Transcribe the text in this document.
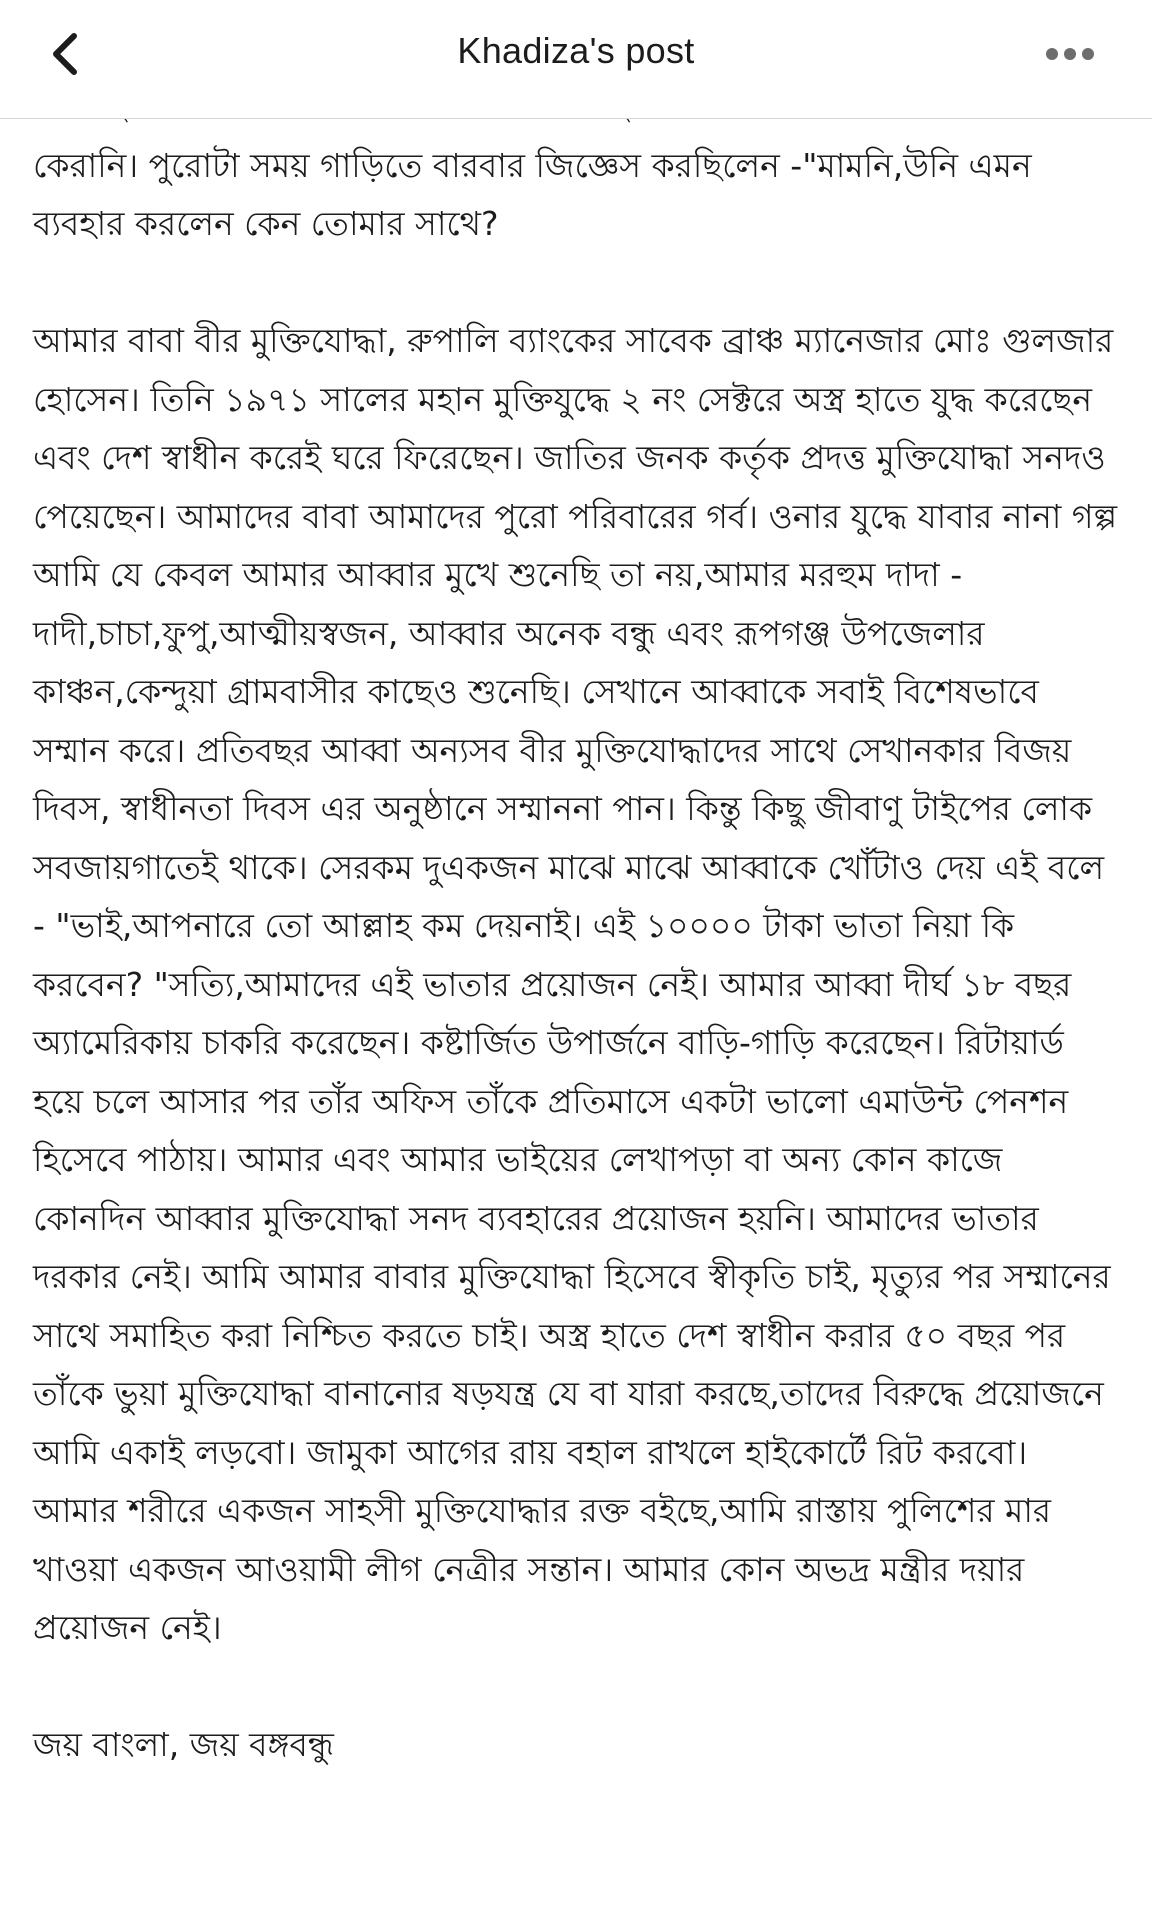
Khadiza's post

কেরানি। পুরোটা সময় গাড়িতে বারবার জিজ্ঞেস করছিলেন -"মামনি,উনি এমন ব্যবহার করলেন কেন তোমার সাথে?

আমার বাবা বীর মুক্তিযোদ্ধা, রুপালি ব্যাংকের সাবেক ব্রাঞ্চ ম্যানেজার মোঃ গুলজার হোসেন। তিনি ১৯৭১ সালের মহান মুক্তিযুদ্ধে ২ নং সেক্টরে অস্ত্র হাতে যুদ্ধ করেছেন এবং দেশ স্বাধীন করেই ঘরে ফিরেছেন। জাতির জনক কর্তৃক প্রদত্ত মুক্তিযোদ্ধা সনদও পেয়েছেন। আমাদের বাবা আমাদের পুরো পরিবারের গর্ব। ওনার যুদ্ধে যাবার নানা গল্প আমি যে কেবল আমার আব্বার মুখে শুনেছি তা নয়,আমার মরহুম দাদা - দাদী,চাচা,ফুপু,আত্মীয়স্বজন, আব্বার অনেক বন্ধু এবং রূপগঞ্জ উপজেলার কাঞ্চন,কেন্দুয়া গ্রামবাসীর কাছেও শুনেছি। সেখানে আব্বাকে সবাই বিশেষভাবে সম্মান করে। প্রতিবছর আব্বা অন্যসব বীর মুক্তিযোদ্ধাদের সাথে সেখানকার বিজয় দিবস, স্বাধীনতা দিবস এর অনুষ্ঠানে সম্মাননা পান। কিন্তু কিছু জীবাণু টাইপের লোক সবজায়গাতেই থাকে। সেরকম দুএকজন মাঝে মাঝে আব্বাকে খোঁটাও দেয় এই বলে - "ভাই,আপনারে তো আল্লাহ কম দেয়নাই। এই ১০০০০ টাকা ভাতা নিয়া কি করবেন? "সত্যি,আমাদের এই ভাতার প্রয়োজন নেই। আমার আব্বা দীর্ঘ ১৮ বছর অ্যামেরিকায় চাকরি করেছেন। কষ্টার্জিত উপার্জনে বাড়ি-গাড়ি করেছেন। রিটায়ার্ড হয়ে চলে আসার পর তাঁর অফিস তাঁকে প্রতিমাসে একটা ভালো এমাউন্ট পেনশন হিসেবে পাঠায়। আমার এবং আমার ভাইয়ের লেখাপড়া বা অন্য কোন কাজে কোনদিন আব্বার মুক্তিযোদ্ধা সনদ ব্যবহারের প্রয়োজন হয়নি। আমাদের ভাতার দরকার নেই। আমি আমার বাবার মুক্তিযোদ্ধা হিসেবে স্বীকৃতি চাই, মৃত্যুর পর সম্মানের সাথে সমাহিত করা নিশ্চিত করতে চাই। অস্ত্র হাতে দেশ স্বাধীন করার ৫০ বছর পর তাঁকে ভুয়া মুক্তিযোদ্ধা বানানোর ষড়যন্ত্র যে বা যারা করছে,তাদের বিরুদ্ধে প্রয়োজনে আমি একাই লড়বো। জামুকা আগের রায় বহাল রাখলে হাইকোর্টে রিট করবো। আমার শরীরে একজন সাহসী মুক্তিযোদ্ধার রক্ত বইছে,আমি রাস্তায় পুলিশের মার খাওয়া একজন আওয়ামী লীগ নেত্রীর সন্তান। আমার কোন অভদ্র মন্ত্রীর দয়ার প্রয়োজন নেই।

জয় বাংলা, জয় বঙ্গবন্ধু
